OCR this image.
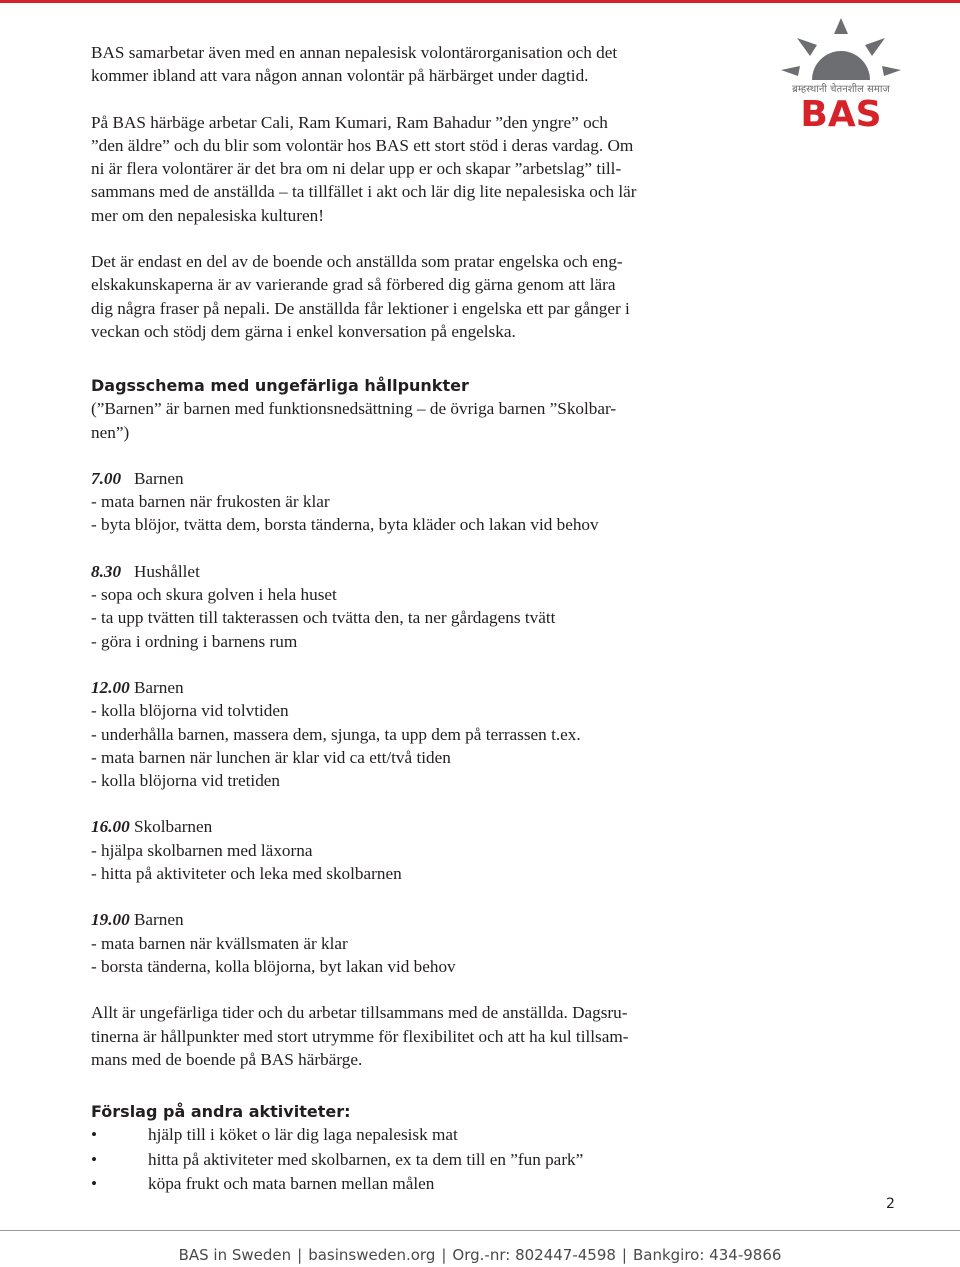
ब्रम्हस्थानी चेतनशील समाज
BAS

BAS samarbetar även med en annan nepalesisk volontärorganisation och det
kommer ibland att vara någon annan volontär på härbärget under dagtid.

På BAS härbäge arbetar Cali, Ram Kumari, Ram Bahadur ”den yngre” och
”den äldre” och du blir som volontär hos BAS ett stort stöd i deras vardag. Om
ni är flera volontärer är det bra om ni delar upp er och skapar ”arbetslag” till-
sammans med de anställda – ta tillfället i akt och lär dig lite nepalesiska och lär
mer om den nepalesiska kulturen!

Det är endast en del av de boende och anställda som pratar engelska och eng-
elskakunskaperna är av varierande grad så förbered dig gärna genom att lära
dig några fraser på nepali. De anställda får lektioner i engelska ett par gånger i
veckan och stödj dem gärna i enkel konversation på engelska.

Dagsschema med ungefärliga hållpunkter
(”Barnen” är barnen med funktionsnedsättning – de övriga barnen ”Skolbar-
nen”)
7.00 Barnen
- mata barnen när frukosten är klar
- byta blöjor, tvätta dem, borsta tänderna, byta kläder och lakan vid behov
8.30 Hushållet
- sopa och skura golven i hela huset
- ta upp tvätten till takterassen och tvätta den, ta ner gårdagens tvätt
- göra i ordning i barnens rum
12.00 Barnen
- kolla blöjorna vid tolvtiden
- underhålla barnen, massera dem, sjunga, ta upp dem på terrassen t.ex.
- mata barnen när lunchen är klar vid ca ett/två tiden
- kolla blöjorna vid tretiden
16.00 Skolbarnen
- hjälpa skolbarnen med läxorna
- hitta på aktiviteter och leka med skolbarnen
19.00 Barnen
- mata barnen när kvällsmaten är klar
- borsta tänderna, kolla blöjorna, byt lakan vid behov
Allt är ungefärliga tider och du arbetar tillsammans med de anställda. Dagsru-
tinerna är hållpunkter med stort utrymme för flexibilitet och att ha kul tillsam-
mans med de boende på BAS härbärge.
Förslag på andra aktiviteter:
•	hjälp till i köket o lär dig laga nepalesisk mat
•	hitta på aktiviteter med skolbarnen, ex ta dem till en ”fun park”
•	köpa frukt och mata barnen mellan målen
2
BAS in Sweden | basinsweden.org | Org.-nr: 802447-4598 | Bankgiro: 434-9866
